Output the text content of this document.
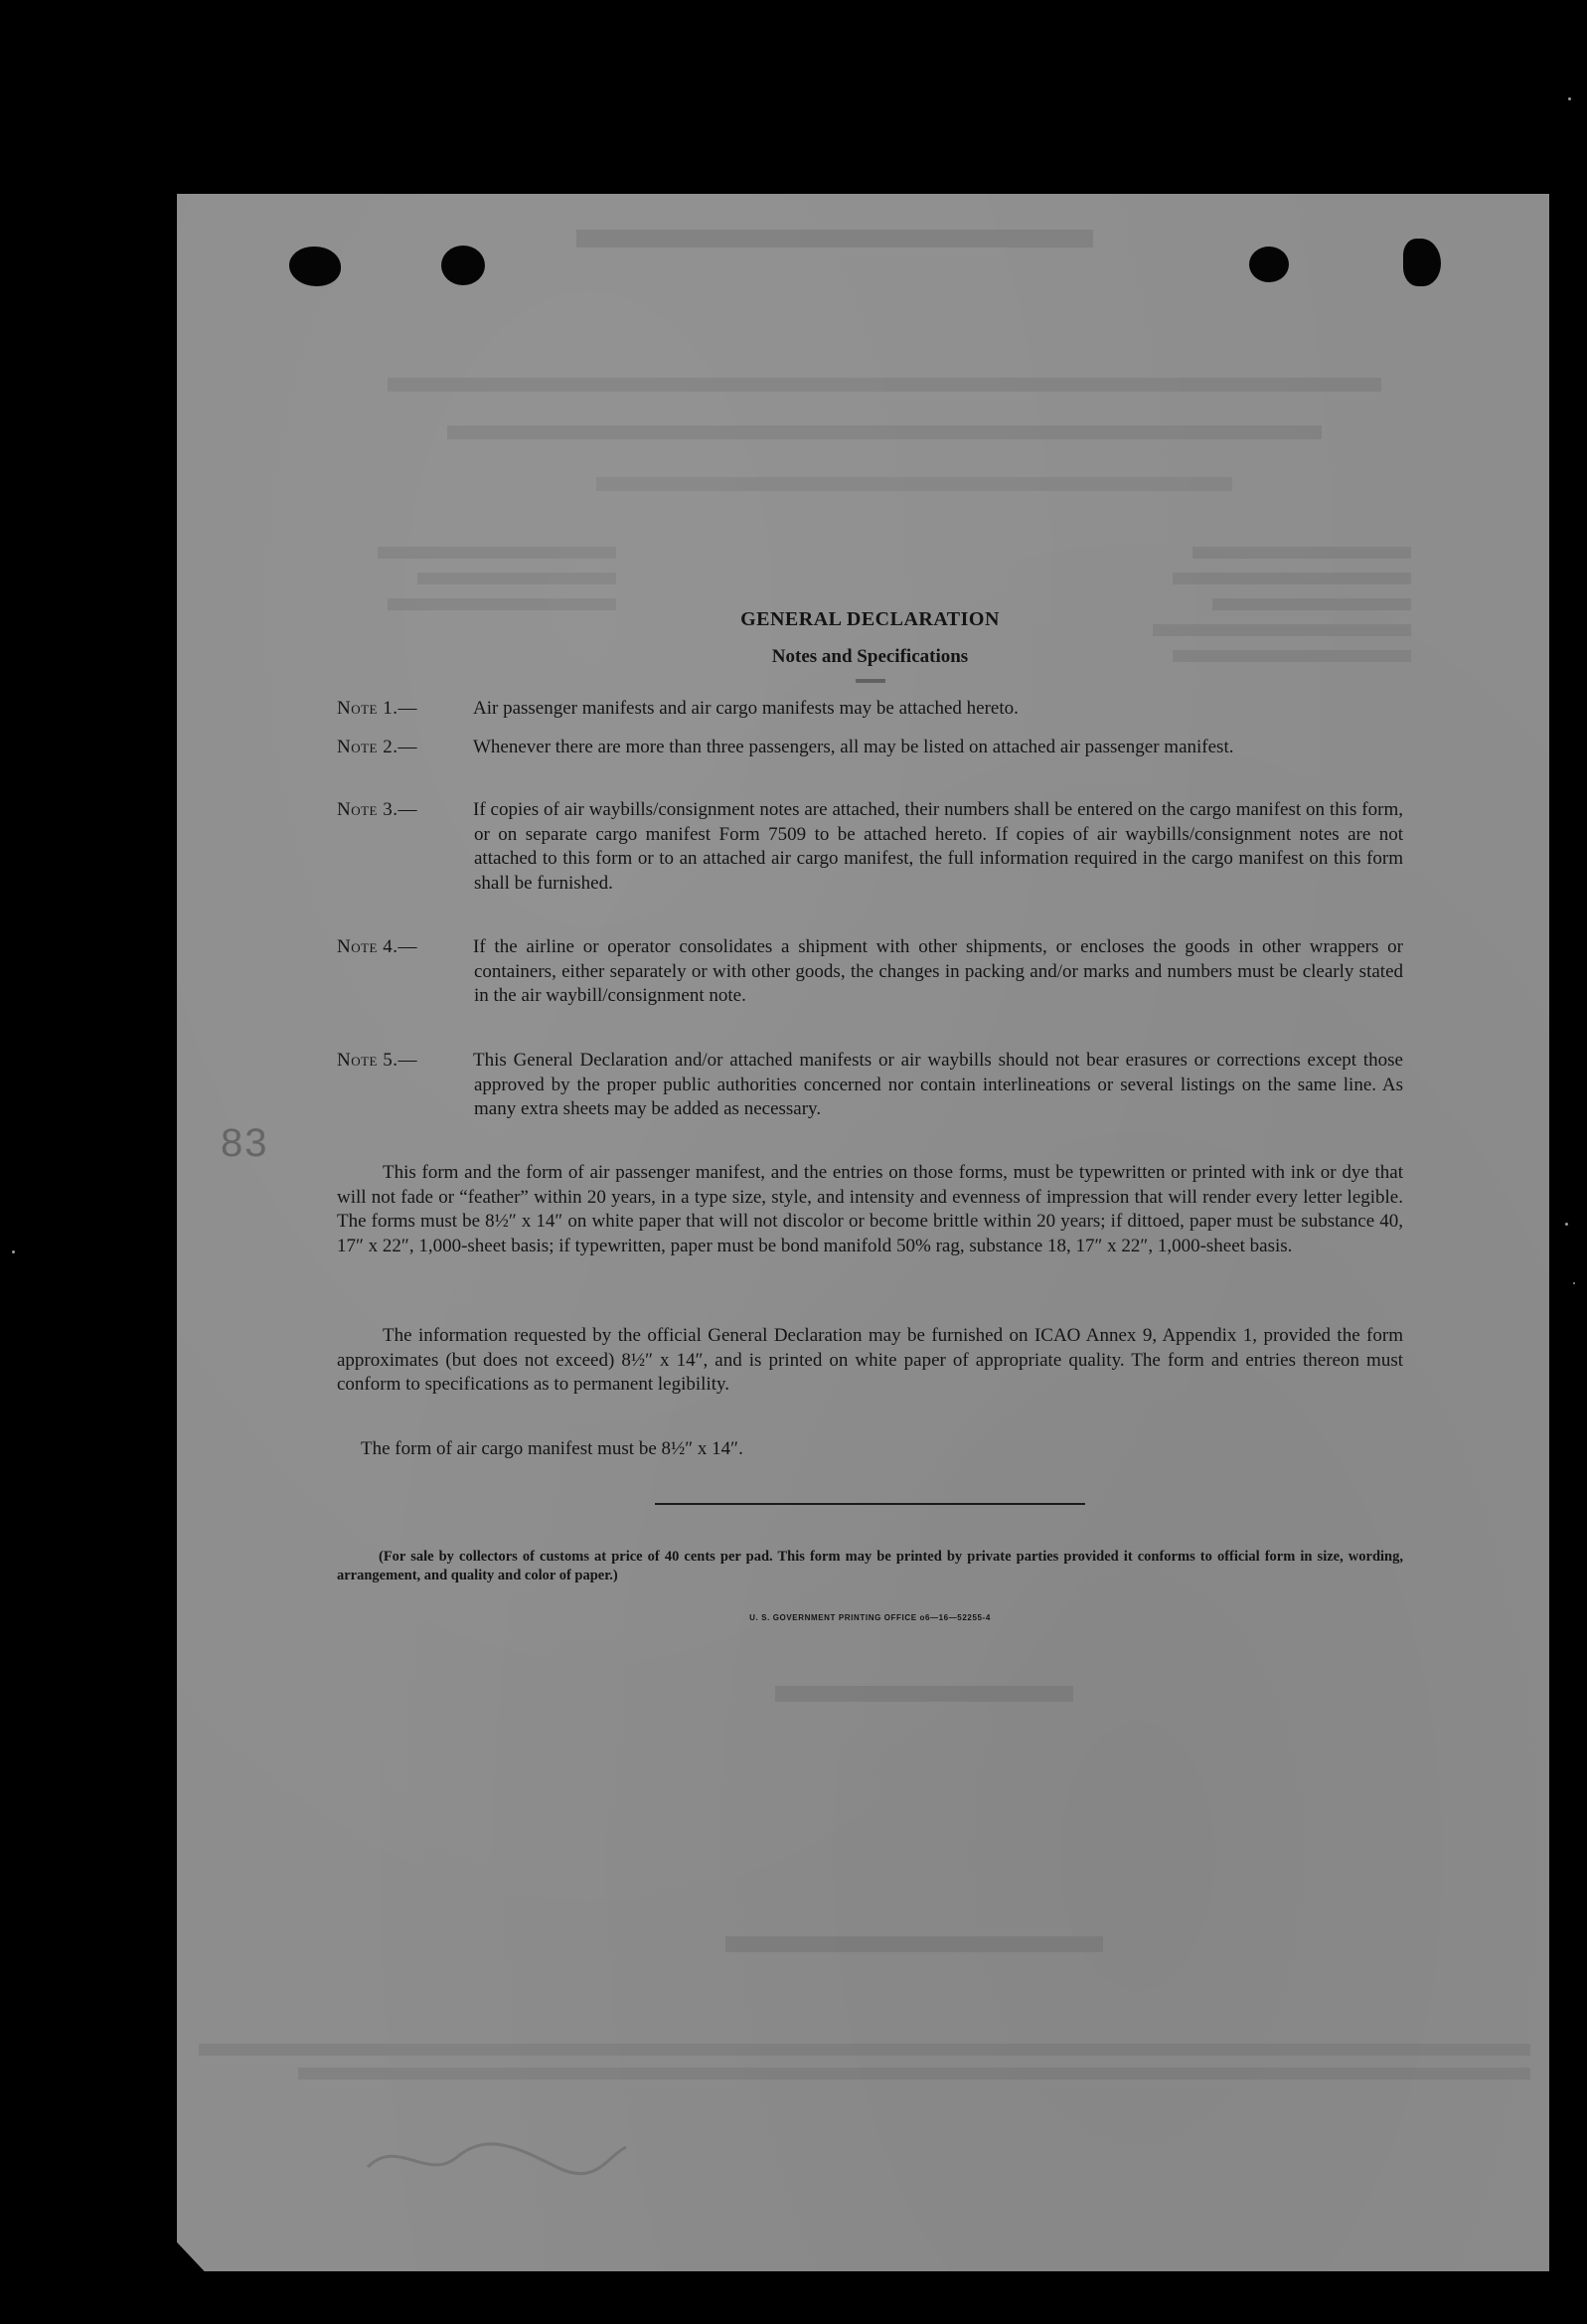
83
GENERAL DECLARATION
Notes and Specifications
Note 1.—	Air passenger manifests and air cargo manifests may be attached hereto.
Note 2.—	Whenever there are more than three passengers, all may be listed on attached air passenger manifest.
Note 3.—	If copies of air waybills/consignment notes are attached, their numbers shall be entered on the cargo manifest on this form, or on separate cargo manifest Form 7509 to be attached hereto. If copies of air waybills/consignment notes are not attached to this form or to an attached air cargo manifest, the full information required in the cargo manifest on this form shall be furnished.
Note 4.—	If the airline or operator consolidates a shipment with other shipments, or encloses the goods in other wrappers or containers, either separately or with other goods, the changes in packing and/or marks and numbers must be clearly stated in the air waybill/consignment note.
Note 5.—	This General Declaration and/or attached manifests or air waybills should not bear erasures or corrections except those approved by the proper public authorities concerned nor contain interlineations or several listings on the same line. As many extra sheets may be added as necessary.
This form and the form of air passenger manifest, and the entries on those forms, must be typewritten or printed with ink or dye that will not fade or “feather” within 20 years, in a type size, style, and intensity and evenness of impression that will render every letter legible. The forms must be 8½″ x 14″ on white paper that will not discolor or become brittle within 20 years; if dittoed, paper must be substance 40, 17″ x 22″, 1,000-sheet basis; if typewritten, paper must be bond manifold 50% rag, substance 18, 17″ x 22″, 1,000-sheet basis.
The information requested by the official General Declaration may be furnished on ICAO Annex 9, Appendix 1, provided the form approximates (but does not exceed) 8½″ x 14″, and is printed on white paper of appropriate quality. The form and entries thereon must conform to specifications as to permanent legibility.
The form of air cargo manifest must be 8½″ x 14″.
(For sale by collectors of customs at price of 40 cents per pad. This form may be printed by private parties provided it conforms to official form in size, wording, arrangement, and quality and color of paper.)
U. S. GOVERNMENT PRINTING OFFICE o6—16—52255-4
